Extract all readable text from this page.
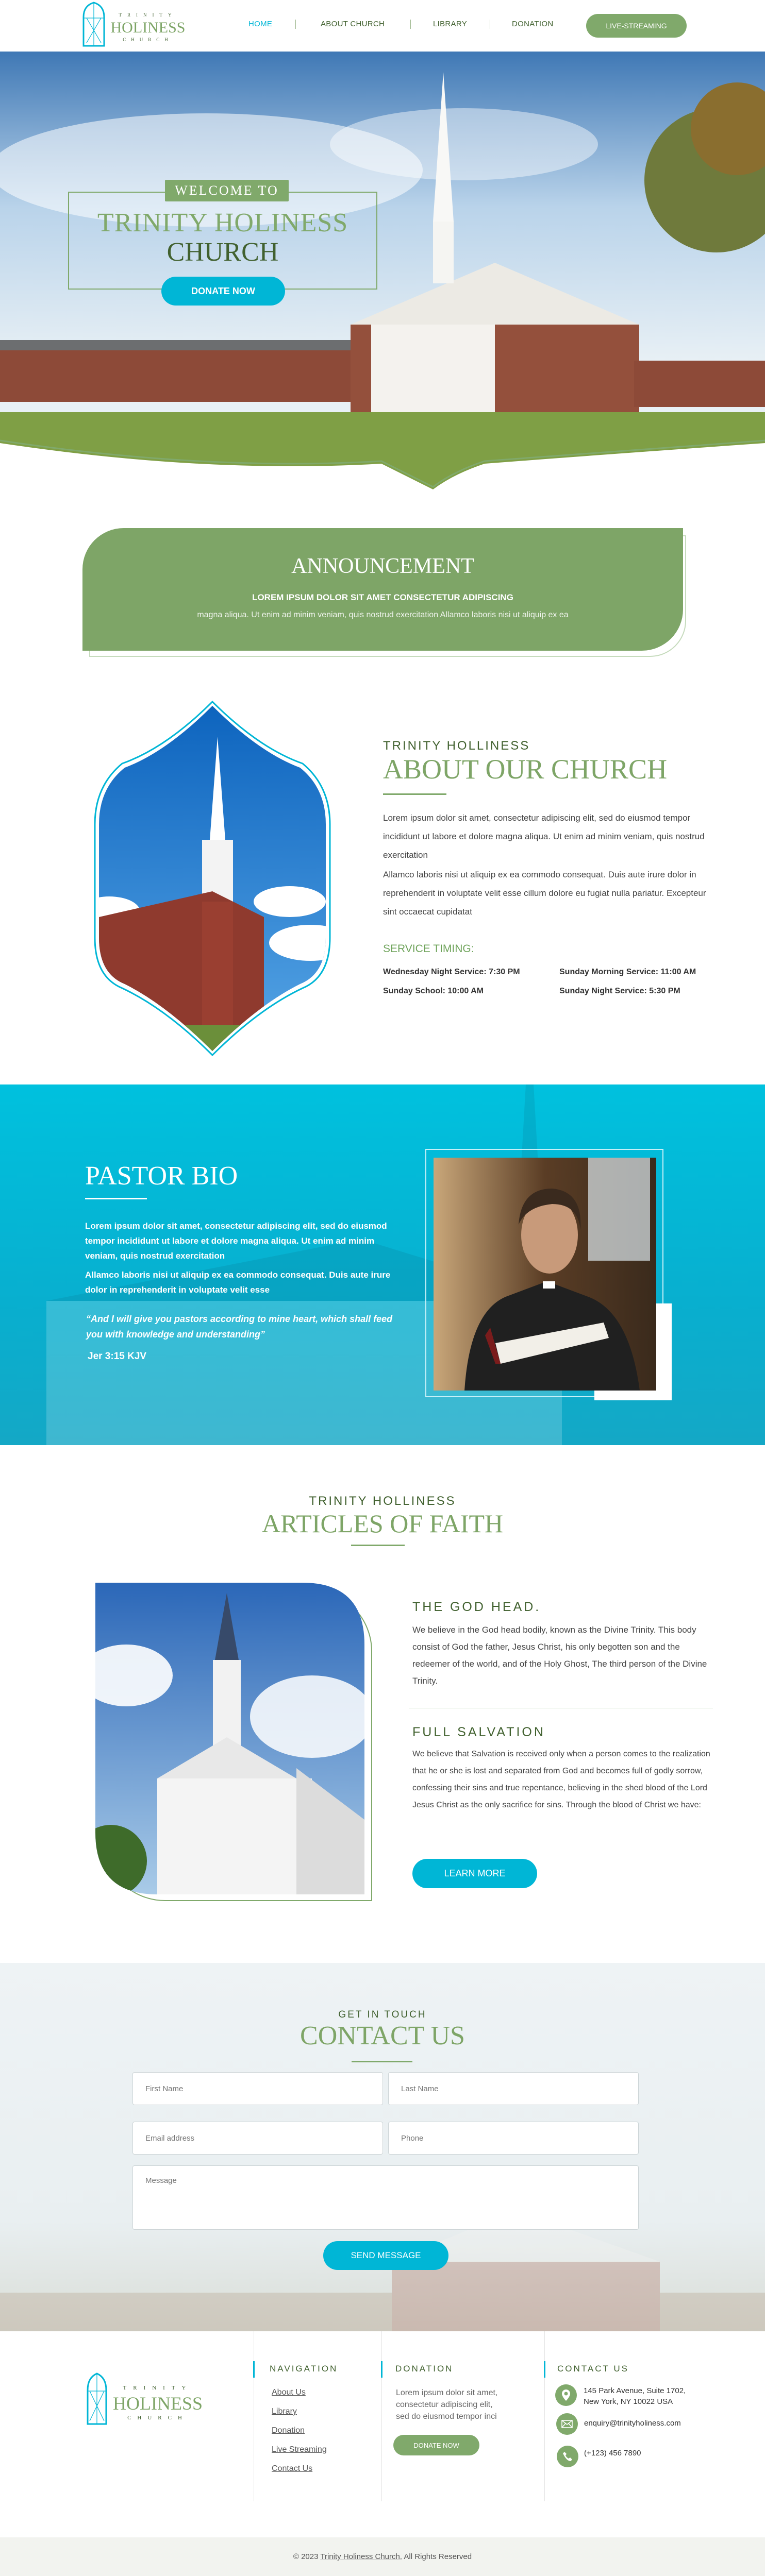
TRINITY
HOLINESS
CHURCH
HOME	ABOUT CHURCH	LIBRARY	DONATION	LIVE-STREAMING
WELCOME TO
TRINITY HOLINESS
CHURCH
DONATE NOW
ANNOUNCEMENT
LOREM IPSUM DOLOR SIT AMET CONSECTETUR ADIPISCING
magna aliqua. Ut enim ad minim veniam, quis nostrud exercitation Allamco laboris nisi ut aliquip ex ea
TRINITY HOLLINESS
ABOUT OUR CHURCH
Lorem ipsum dolor sit amet, consectetur adipiscing elit, sed do eiusmod tempor incididunt ut labore et dolore magna aliqua. Ut enim ad minim veniam, quis nostrud exercitation
Allamco laboris nisi ut aliquip ex ea commodo consequat. Duis aute irure dolor in reprehenderit in voluptate velit esse cillum dolore eu fugiat nulla pariatur. Excepteur sint occaecat cupidatat
SERVICE TIMING:
Wednesday Night Service: 7:30 PM	Sunday Morning Service: 11:00 AM
Sunday School: 10:00 AM	Sunday Night Service: 5:30 PM
PASTOR BIO
Lorem ipsum dolor sit amet, consectetur adipiscing elit, sed do eiusmod tempor incididunt ut labore et dolore magna aliqua. Ut enim ad minim veniam, quis nostrud exercitation
Allamco laboris nisi ut aliquip ex ea commodo consequat. Duis aute irure dolor in reprehenderit in voluptate velit esse
“And I will give you pastors according to mine heart, which shall feed you with knowledge and understanding”
Jer 3:15 KJV
TRINITY HOLLINESS
ARTICLES OF FAITH
THE GOD HEAD.
We believe in the God head bodily, known as the Divine Trinity. This body consist of God the father, Jesus Christ, his only begotten son and the redeemer of the world, and of the Holy Ghost, The third person of the Divine Trinity.
FULL SALVATION
We believe that Salvation is received only when a person comes to the realization that he or she is lost and separated from God and becomes full of godly sorrow, confessing their sins and true repentance, believing in the shed blood of the Lord Jesus Christ as the only sacrifice for sins. Through the blood of Christ we have:
LEARN MORE
GET IN TOUCH
CONTACT US
First Name
Last Name
Email address
Phone
Message
SEND MESSAGE
TRINITY
HOLINESS
CHURCH
NAVIGATION
About Us
Library
Donation
Live Streaming
Contact Us
DONATION
Lorem ipsum dolor sit amet, consectetur adipiscing elit, sed do eiusmod tempor inci
DONATE NOW
CONTACT US
145 Park Avenue, Suite 1702, New York, NY 10022 USA
enquiry@trinityholiness.com
(+123) 456 7890
© 2023 Trinity Holiness Church. All Rights Reserved
